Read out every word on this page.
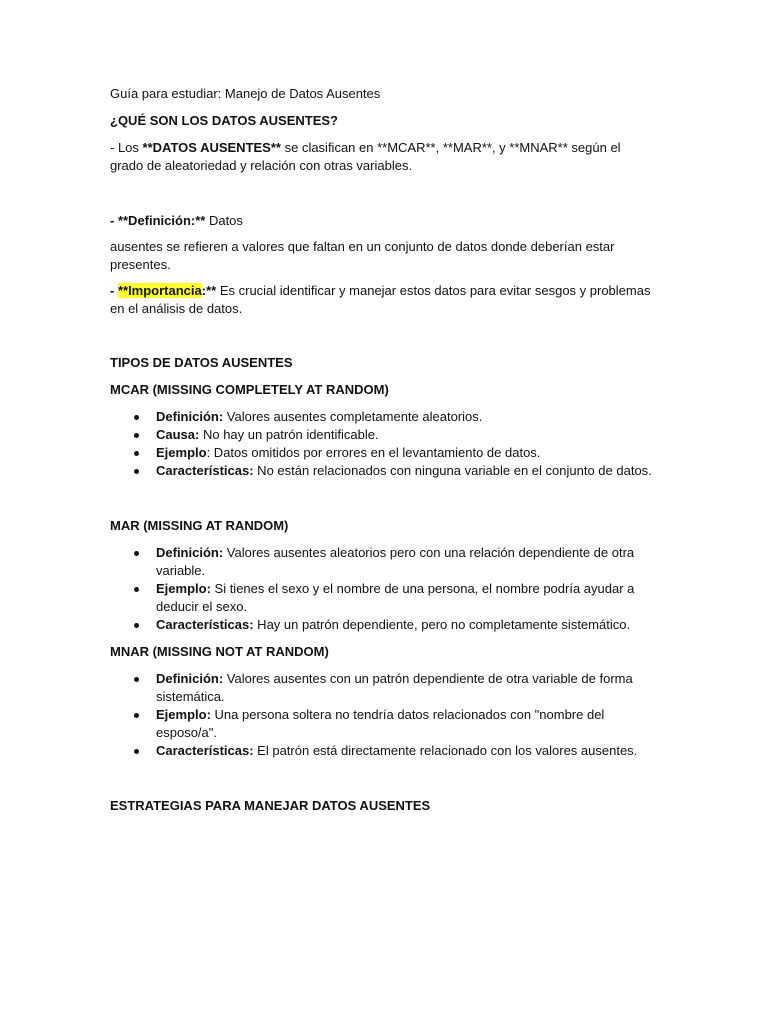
Guía para estudiar: Manejo de Datos Ausentes

¿QUÉ SON LOS DATOS AUSENTES?

- Los **DATOS AUSENTES** se clasifican en **MCAR**, **MAR**, y **MNAR** según el grado de aleatoriedad y relación con otras variables.

- **Definición:** Datos

ausentes se refieren a valores que faltan en un conjunto de datos donde deberían estar presentes.

- **Importancia:** Es crucial identificar y manejar estos datos para evitar sesgos y problemas en el análisis de datos.

TIPOS DE DATOS AUSENTES

MCAR (MISSING COMPLETELY AT RANDOM)

Definición: Valores ausentes completamente aleatorios.
Causa: No hay un patrón identificable.
Ejemplo: Datos omitidos por errores en el levantamiento de datos.
Características: No están relacionados con ninguna variable en el conjunto de datos.

MAR (MISSING AT RANDOM)

Definición: Valores ausentes aleatorios pero con una relación dependiente de otra variable.
Ejemplo: Si tienes el sexo y el nombre de una persona, el nombre podría ayudar a deducir el sexo.
Características: Hay un patrón dependiente, pero no completamente sistemático.

MNAR (MISSING NOT AT RANDOM)

Definición: Valores ausentes con un patrón dependiente de otra variable de forma sistemática.
Ejemplo: Una persona soltera no tendría datos relacionados con "nombre del esposo/a".
Características: El patrón está directamente relacionado con los valores ausentes.

ESTRATEGIAS PARA MANEJAR DATOS AUSENTES
